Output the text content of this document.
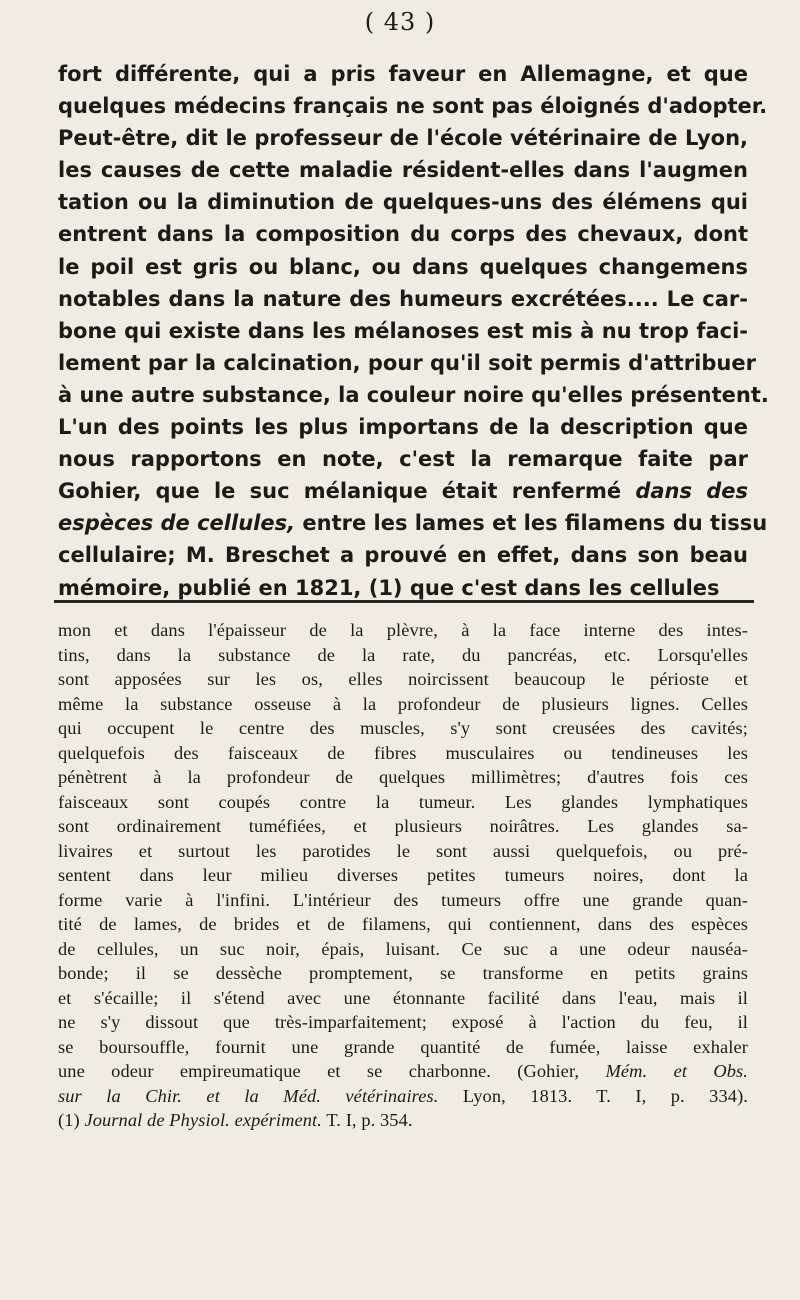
( 43 )
fort différente, qui a pris faveur en Allemagne, et que
quelques médecins français ne sont pas éloignés d'adopter.
Peut-être, dit le professeur de l'école vétérinaire de Lyon,
les causes de cette maladie résident-elles dans l'augmen
tation ou la diminution de quelques-uns des élémens qui
entrent dans la composition du corps des chevaux, dont
le poil est gris ou blanc, ou dans quelques changemens
notables dans la nature des humeurs excrétées.... Le car-
bone qui existe dans les mélanoses est mis à nu trop faci-
lement par la calcination, pour qu'il soit permis d'attribuer
à une autre substance, la couleur noire qu'elles présentent.
L'un des points les plus importans de la description que
nous rapportons en note, c'est la remarque faite par
Gohier, que le suc mélanique était renfermé dans des
espèces de cellules, entre les lames et les filamens du tissu
cellulaire; M. Breschet a prouvé en effet, dans son beau
mémoire, publié en 1821, (1) que c'est dans les cellules
mon et dans l'épaisseur de la plèvre, à la face interne des intes-
tins, dans la substance de la rate, du pancréas, etc. Lorsqu'elles
sont apposées sur les os, elles noircissent beaucoup le périoste et
même la substance osseuse à la profondeur de plusieurs lignes. Celles
qui occupent le centre des muscles, s'y sont creusées des cavités;
quelquefois des faisceaux de fibres musculaires ou tendineuses les
pénètrent à la profondeur de quelques millimètres; d'autres fois ces
faisceaux sont coupés contre la tumeur. Les glandes lymphatiques
sont ordinairement tuméfiées, et plusieurs noirâtres. Les glandes sa-
livaires et surtout les parotides le sont aussi quelquefois, ou pré-
sentent dans leur milieu diverses petites tumeurs noires, dont la
forme varie à l'infini. L'intérieur des tumeurs offre une grande quan-
tité de lames, de brides et de filamens, qui contiennent, dans des espèces
de cellules, un suc noir, épais, luisant. Ce suc a une odeur nauséa-
bonde; il se dessèche promptement, se transforme en petits grains
et s'écaille; il s'étend avec une étonnante facilité dans l'eau, mais il
ne s'y dissout que très-imparfaitement; exposé à l'action du feu, il
se boursouffle, fournit une grande quantité de fumée, laisse exhaler
une odeur empireumatique et se charbonne. (Gohier, Mém. et Obs.
sur la Chir. et la Méd. vétérinaires. Lyon, 1813. T. I, p. 334).
(1) Journal de Physiol. expériment. T. I, p. 354.
